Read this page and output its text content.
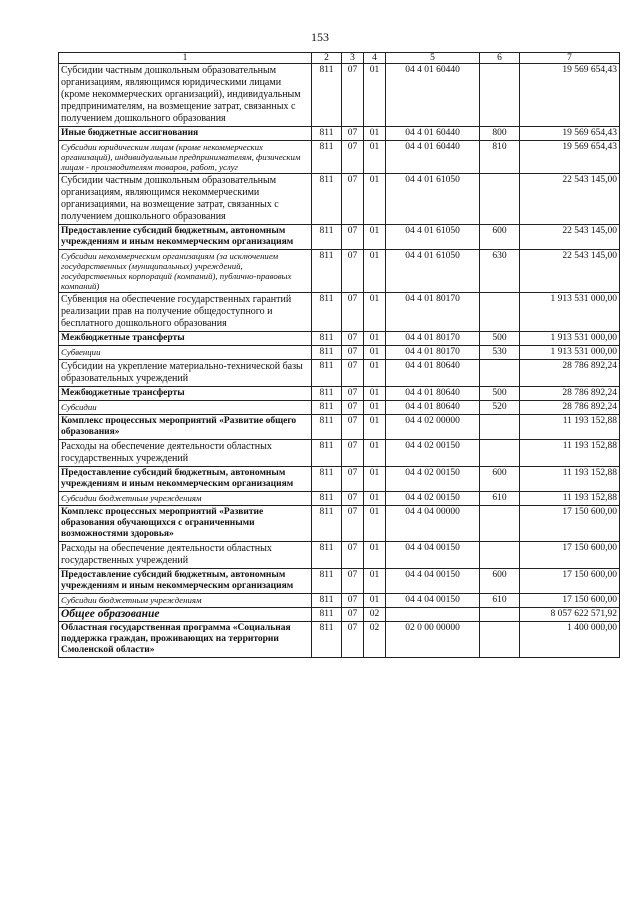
153
1	2	3	4	5	6	7
Субсидии частным дошкольным образовательным организациям, являющимся юридическими лицами (кроме некоммерческих организаций), индивидуальным предпринимателям, на возмещение затрат, связанных с получением дошкольного образования	811	07	01	04 4 01 60440		19 569 654,43
Иные бюджетные ассигнования	811	07	01	04 4 01 60440	800	19 569 654,43
Субсидии юридическим лицам (кроме некоммерческих организаций), индивидуальным предпринимателям, физическим лицам - производителям товаров, работ, услуг	811	07	01	04 4 01 60440	810	19 569 654,43
Субсидии частным дошкольным образовательным организациям, являющимся некоммерческими организациями, на возмещение затрат, связанных с получением дошкольного образования	811	07	01	04 4 01 61050		22 543 145,00
Предоставление субсидий бюджетным, автономным учреждениям и иным некоммерческим организациям	811	07	01	04 4 01 61050	600	22 543 145,00
Субсидии некоммерческим организациям (за исключением государственных (муниципальных) учреждений, государственных корпораций (компаний), публично-правовых компаний)	811	07	01	04 4 01 61050	630	22 543 145,00
Субвенция на обеспечение государственных гарантий реализации прав на получение общедоступного и бесплатного дошкольного образования	811	07	01	04 4 01 80170		1 913 531 000,00
Межбюджетные трансферты	811	07	01	04 4 01 80170	500	1 913 531 000,00
Субвенции	811	07	01	04 4 01 80170	530	1 913 531 000,00
Субсидии на укрепление материально-технической базы образовательных учреждений	811	07	01	04 4 01 80640		28 786 892,24
Межбюджетные трансферты	811	07	01	04 4 01 80640	500	28 786 892,24
Субсидии	811	07	01	04 4 01 80640	520	28 786 892,24
Комплекс процессных мероприятий «Развитие общего образования»	811	07	01	04 4 02 00000		11 193 152,88
Расходы на обеспечение деятельности областных государственных учреждений	811	07	01	04 4 02 00150		11 193 152,88
Предоставление субсидий бюджетным, автономным учреждениям и иным некоммерческим организациям	811	07	01	04 4 02 00150	600	11 193 152,88
Субсидии бюджетным учреждениям	811	07	01	04 4 02 00150	610	11 193 152,88
Комплекс процессных мероприятий «Развитие образования обучающихся с ограниченными возможностями здоровья»	811	07	01	04 4 04 00000		17 150 600,00
Расходы на обеспечение деятельности областных государственных учреждений	811	07	01	04 4 04 00150		17 150 600,00
Предоставление субсидий бюджетным, автономным учреждениям и иным некоммерческим организациям	811	07	01	04 4 04 00150	600	17 150 600,00
Субсидии бюджетным учреждениям	811	07	01	04 4 04 00150	610	17 150 600,00
Общее образование	811	07	02			8 057 622 571,92
Областная государственная программа «Социальная поддержка граждан, проживающих на территории Смоленской области»	811	07	02	02 0 00 00000		1 400 000,00
